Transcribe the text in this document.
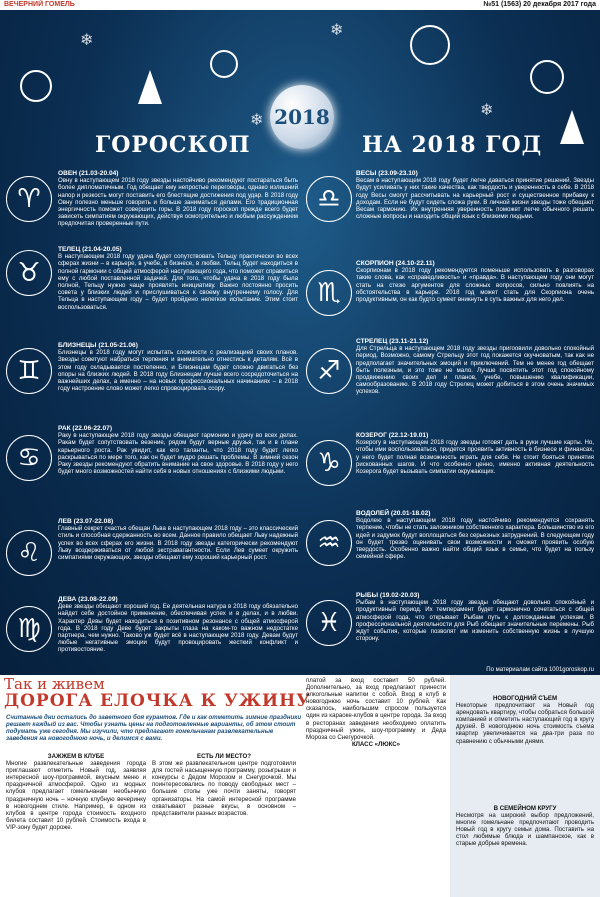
ВЕЧЕРНИЙ ГОМЕЛЬ	№51 (1563) 20 декабря 2017 года
❄
❄
❄
❄ 2018
ГОРОСКОП	НА 2018 ГОД
♈
ОВЕН (21.03-20.04)
Овну в наступающем 2018 году звезды настойчиво рекомендуют постараться быть более дипломатичным. Год обещает ему непростые переговоры, однако излишний напор и резкость могут поставить его блестящие достижения под удар. В 2018 году Овну полезно меньше говорить и больше заниматься делами. Его традиционная энергичность поможет совершить горы. В 2018 году гороскоп прежде всего будет зависеть симпатиям окружающих, действуя осмотрительно и любым рассуждением предпочитая проверенные пути.
♉
ТЕЛЕЦ (21.04-20.05)
В наступающем 2018 году удача будет сопутствовать Тельцу практически во всех сферах жизни – в карьере, в учебе, в бизнесе, в любви. Тельц будет находиться в полной гармонии с общей атмосферой наступающего года, что поможет справиться ему с любой поставленной задачей. Для того, чтобы удача в 2018 году была полной, Тельцу нужно чаще проявлять инициативу. Важно постоянно просить совета у близких людей и прислушиваться к своему внутреннему голосу. Для Тельца в наступающем году – будет пройдено нелегкое испытание. Этим стоит воспользоваться.
♊
БЛИЗНЕЦЫ (21.05-21.06)
Близнецы в 2018 году могут испытать сложности с реализацией своих планов. Звезды советуют набраться терпения и внимательно отнестись к деталям. Всё в этом году складывается постепенно, и Близнецам будет сложно двигаться без опоры на близких людей. В 2018 году Близнецам лучше всего сосредоточиться на важнейших делах, а именно – на новых профессиональных начинаниях – в 2018 году настроение слово может легко спровоцировать ссору.
♋
РАК (22.06-22.07)
Раку в наступающем 2018 году звезды обещают гармонию и удачу во всех делах. Ракам будет сопутствовать везение, рядом будут верные друзья, так и в плане карьерного роста. Рак увидит, как его таланты, что 2018 году будет легко раскрываться по мере того, как он будет мудро решать проблемы. В зимний сезон Раку звезды рекомендуют обратить внимание на свое здоровье. В 2018 году у него будет много возможностей найти себя в новых отношениях с близкими людьми.
♌
ЛЕВ (23.07-22.08)
Главный секрет счастья обещан Льва в наступающем 2018 году – это классический стиль и способная сдержанность во всем. Данное правило обещает Льву надежный успех во всех сферах его жизни. В 2018 году звезды категорически рекомендуют Льву воздерживаться от любой экстравагантности. Если Лев сумеет окружить симпатиями окружающих, звезды обещают ему хороший карьерный рост.
♍
ДЕВА (23.08-22.09)
Деве звезды обещают хороший год. Ее деятельная натура в 2018 году обязательно найдет себе достойное применение, обеспечивая успех и в делах, и в любви. Характер Девы будет находиться в позитивном резонансе с общей атмосферой года. В 2018 году Деве будет закрыты глаза на каком-то важном недостатке партнера, чем нужно. Таково уж будет всё в наступающем 2018 году. Девам будут любые негативные эмоции будут провоцировать жесткий конфликт и противостояние.
♎
ВЕСЫ (23.09-23.10)
Весам в наступающем 2018 году будет легче даваться принятие решений. Звезды будут усиливать у них такие качества, как твердость и уверенность в себе. В 2018 году Весы смогут рассчитывать на карьерный рост и существенное прибавку к доходам. Если не будут сидеть сложа руки. В личной жизни звезды тоже обещают Весам гармонию. Их внутренняя уверенность поможет легче обычного решать сложные вопросы и находить общий язык с близкими людьми.
♏
СКОРПИОН (24.10-22.11)
Скорпионам в 2018 году рекомендуется поменьше использовать в разговорах такие слова, как «справедливость» и «правда». В наступающем году они могут стать на стезю аргументов для сложных вопросов, сильно повлиять на обстоятельства в карьере. 2018 год может стать для Скорпиона очень продуктивным, он как будто сумеет вникнуть в суть важных для него дел.
♐
СТРЕЛЕЦ (23.11-21.12)
Для Стрельца в наступающем 2018 году звезды пригоовили довольно спокойный период. Возможно, самому Стрельцу этот год покажется скучноватым, так как не предполагает значительных эмоций и приключений. Тем не менее год обещает быть полезным, и это тоже не мало. Лучше посвятить этот год спокойному продвижению своих дел и планов, учебе, повышению квалификации, самообразованию. В 2018 году Стрелец может добиться в этом очень значимых успехов.
♑
КОЗЕРОГ (22.12-19.01)
Козерогу в наступающем 2018 году звезды готовят дать в руки лучшие карты. Но, чтобы ими воспользоваться, придется проявить активность в бизнесе и финансах, у него будет полная возможность играть для себя. Не стоит бояться принятия рискованных шагов. И что особенно ценно, именно активная деятельность Козерога будет вызывать симпатии окружающих.
♒
ВОДОЛЕЙ (20.01-18.02)
Водолею в наступающем 2018 году настойчиво рекомендуется сохранять терпение, чтобы не стать заложником собственного характера. Большинство из его идей и задумок будут воплощаться без серьезных затруднений. В следующем году он будет трезво оценивать свои возможности и сможет проявить особую твердость. Особенно важно найти общий язык в семье, что будет на пользу семейной сфере.
♓
РЫБЫ (19.02-20.03)
Рыбам в наступающем 2018 году звезды обещают довольно спокойный и продуктивный период. Их темперамент будет гармонично сочетаться с общей атмосферой года, что открывает Рыбам путь к долгожданным успехам. В профессиональной деятельности для Рыб обещает значительные перемены. Рыб ждут события, которые позволят им изменить собственную жизнь в лучшую сторону.
По материалам сайта 1001goroskop.ru
Так и живем
ДОРОГА ЕЛОЧКА К УЖИНУ
Считанные дни остались до заветного боя курантов. Где и как отметить зимние праздники решает каждый из вас. Чтобы узнать цены на подготовленные варианты, об этом стоит подумать уже сегодня. Мы изучили, что предлагают гомельчанам развлекательные заведения на новогоднюю ночь, и делимся с вами.
ЗАЖЖЕМ В КЛУБЕ
Многие развлекательные заведения города приглашают отметить Новый год, заявляя интересной шоу-программой, вкусным меню и праздничной атмосферой. Одно из модных клубов предлагает гомельчанам необычную праздничную ночь – ночную клубную вечеринку в новогоднем стиле. Например, в одном из клубов в центре города стоимость входного билета составит 10 рублей. Стоимость входа в VIP-зону будет дороже.
ЕСТЬ ЛИ МЕСТО?
В этом же развлекательном центре подготовили для гостей насыщенную программу, розыгрыши и конкурсы с Дедом Морозом и Снегурочкой. Мы поинтересовались по поводу свободных мест – большие столы уже почти заняты, говорят организаторы. На самой интересной программе охватывают разные вкусы, в основном – представители разных возрастов.
платой за вход составит 50 рублей. Дополнительно, за вход предлагают принести алкогольные напитки с собой. Вход в клуб в новогоднюю ночь составит 10 рублей. Как сказалось, наибольшим спросом пользуется один из караоке-клубов в центре города. За вход в ресторанах заведения необходимо оплатить праздничный ужин, шоу-программу и Деда Мороза со Снегурочкой.
КЛАСС «ЛЮКС»
НОВОГОДНИЙ СЪЕМ
Некоторые предпочитают на Новый год арендовать квартиру, чтобы собраться большой компанией и отметить наступающий год в кругу друзей. В новогоднюю ночь стоимость съема квартир увеличивается на два-три раза по сравнению с обычными днями.
В СЕМЕЙНОМ КРУГУ
Несмотря на широкий выбор предложений, многие гомельчане предпочитают проводить Новый год в кругу семьи дома. Поставить на стол любимые блюда и шампанское, как в старые добрые времена.
